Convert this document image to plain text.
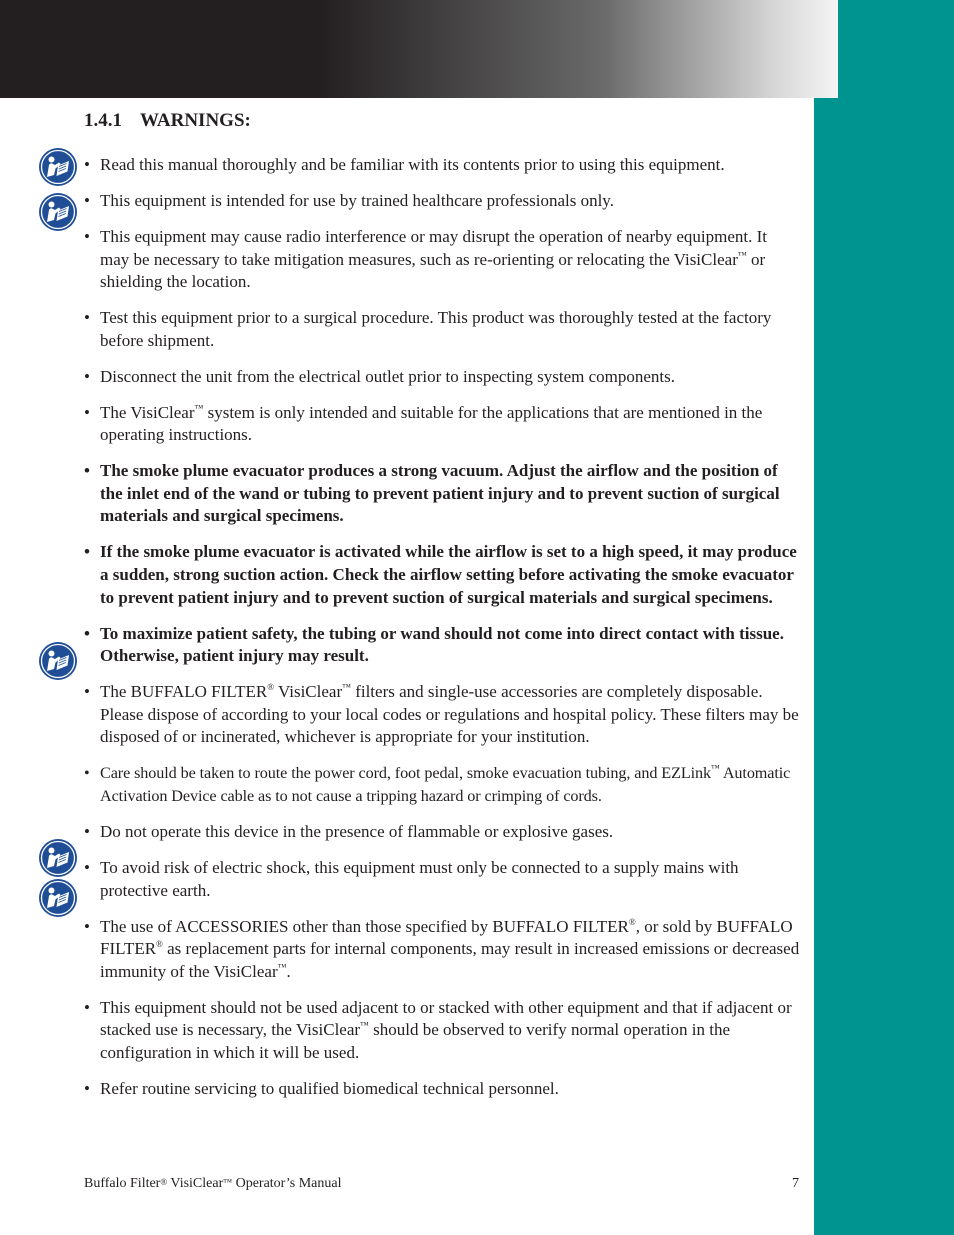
1.4.1 WARNINGS:
• Read this manual thoroughly and be familiar with its contents prior to using this equipment.
• This equipment is intended for use by trained healthcare professionals only.
• This equipment may cause radio interference or may disrupt the operation of nearby equipment. It may be necessary to take mitigation measures, such as re-orienting or relocating the VisiClear™ or shielding the location.
• Test this equipment prior to a surgical procedure. This product was thoroughly tested at the factory before shipment.
• Disconnect the unit from the electrical outlet prior to inspecting system components.
• The VisiClear™ system is only intended and suitable for the applications that are mentioned in the operating instructions.
• The smoke plume evacuator produces a strong vacuum. Adjust the airflow and the position of the inlet end of the wand or tubing to prevent patient injury and to prevent suction of surgical materials and surgical specimens.
• If the smoke plume evacuator is activated while the airflow is set to a high speed, it may produce a sudden, strong suction action. Check the airflow setting before activating the smoke evacuator to prevent patient injury and to prevent suction of surgical materials and surgical specimens.
• To maximize patient safety, the tubing or wand should not come into direct contact with tissue. Otherwise, patient injury may result.
• The BUFFALO FILTER® VisiClear™ filters and single-use accessories are completely disposable. Please dispose of according to your local codes or regulations and hospital policy. These filters may be disposed of or incinerated, whichever is appropriate for your institution.
• Care should be taken to route the power cord, foot pedal, smoke evacuation tubing, and EZLink™ Automatic Activation Device cable as to not cause a tripping hazard or crimping of cords.
• Do not operate this device in the presence of flammable or explosive gases.
• To avoid risk of electric shock, this equipment must only be connected to a supply mains with protective earth.
• The use of ACCESSORIES other than those specified by BUFFALO FILTER®, or sold by BUFFALO FILTER® as replacement parts for internal components, may result in increased emissions or decreased immunity of the VisiClear™.
• This equipment should not be used adjacent to or stacked with other equipment and that if adjacent or stacked use is necessary, the VisiClear™ should be observed to verify normal operation in the configuration in which it will be used.
• Refer routine servicing to qualified biomedical technical personnel.
Buffalo Filter® VisiClear™ Operator’s Manual	7
